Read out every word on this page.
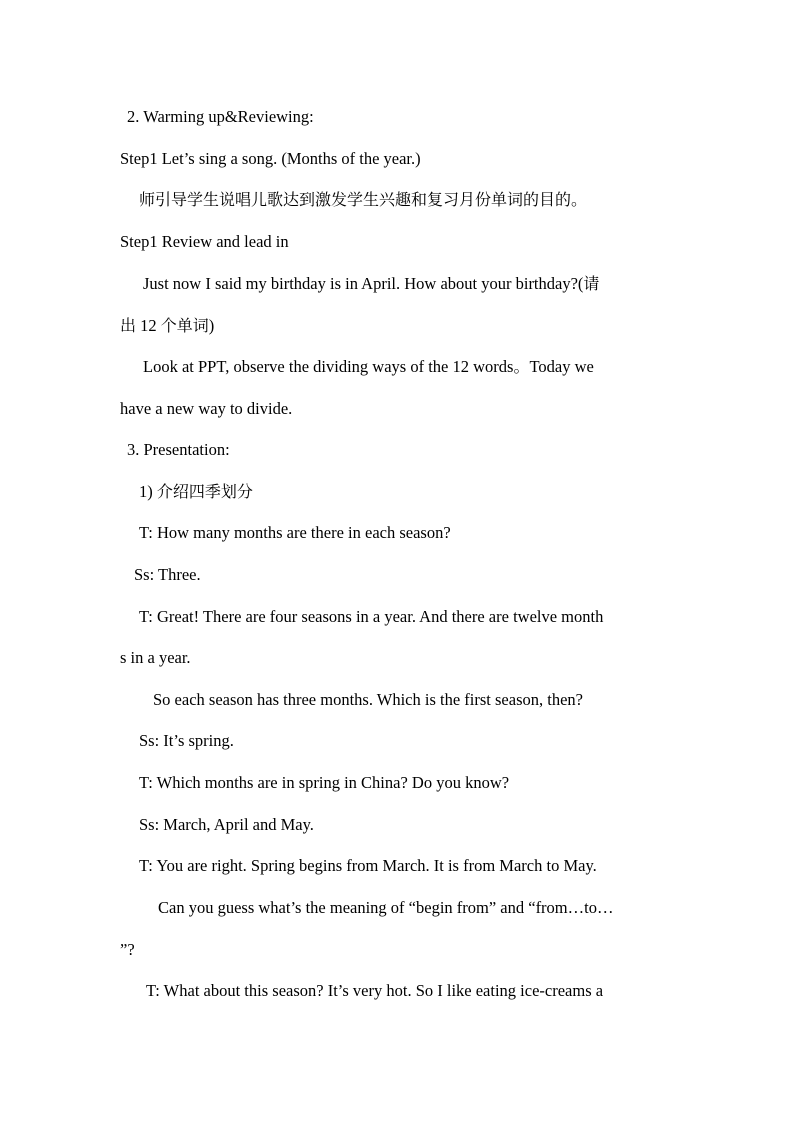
2. Warming up&Reviewing:
Step1 Let’s sing a song. (Months of the year.)
师引导学生说唱儿歌达到激发学生兴趣和复习月份单词的目的。
Step1 Review and lead in
Just now I said my birthday is in April. How about your birthday?(请
出 12 个单词)
Look at PPT, observe the dividing ways of the 12 words。Today we
have a new way to divide.
3. Presentation:
1) 介绍四季划分
T: How many months are there in each season?
Ss: Three.
T: Great! There are four seasons in a year. And there are twelve month
s in a year.
So each season has three months. Which is the first season, then?
Ss: It’s spring.
T: Which months are in spring in China? Do you know?
Ss: March, April and May.
T: You are right. Spring begins from March. It is from March to May.
Can you guess what’s the meaning of “begin from” and “from…to…
”?
T: What about this season? It’s very hot. So I like eating ice-creams a
